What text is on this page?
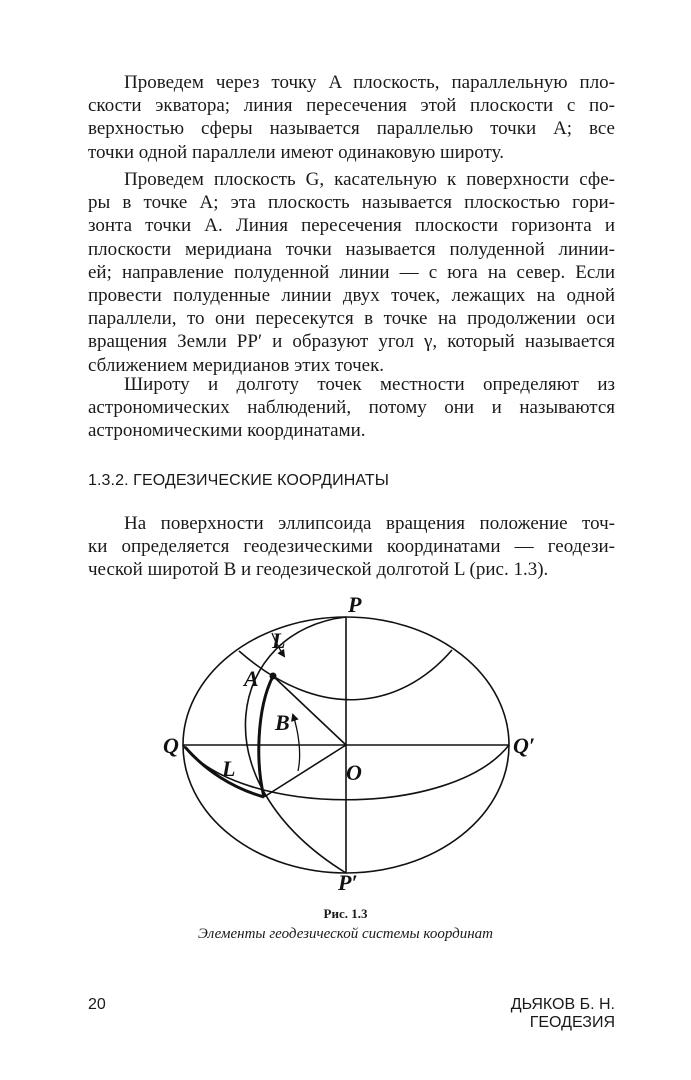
Проведем через точку A плоскость, параллельную пло-
скости экватора; линия пересечения этой плоскости с по-
верхностью сферы называется параллелью точки A; все
точки одной параллели имеют одинаковую широту.
Проведем плоскость G, касательную к поверхности сфе-
ры в точке A; эта плоскость называется плоскостью гори-
зонта точки A. Линия пересечения плоскости горизонта и
плоскости меридиана точки называется полуденной линии-
ей; направление полуденной линии — с юга на север. Если
провести полуденные линии двух точек, лежащих на одной
параллели, то они пересекутся в точке на продолжении оси
вращения Земли PP′ и образуют угол γ, который называется
сближением меридианов этих точек.
Широту и долготу точек местности определяют из
астрономических наблюдений, потому они и называются
астрономическими координатами.
1.3.2. ГЕОДЕЗИЧЕСКИЕ КООРДИНАТЫ
На поверхности эллипсоида вращения положение точ-
ки определяется геодезическими координатами — геодези-
ческой широтой B и геодезической долготой L (рис. 1.3).
P
P′
Q	Q′
O
A
B
L
L
Рис. 1.3
Элементы геодезической системы координат
20	ДЬЯКОВ Б. Н. ГЕОДЕЗИЯ
